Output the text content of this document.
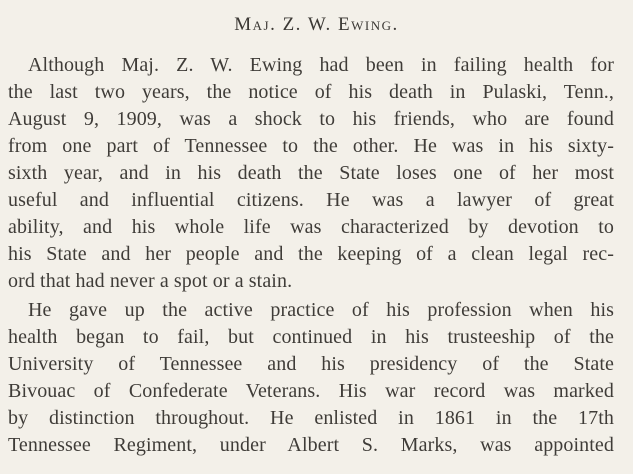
Maj. Z. W. Ewing.
Although Maj. Z. W. Ewing had been in failing health for
the last two years, the notice of his death in Pulaski, Tenn.,
August 9, 1909, was a shock to his friends, who are found
from one part of Tennessee to the other. He was in his sixty-
sixth year, and in his death the State loses one of her most
useful and influential citizens. He was a lawyer of great
ability, and his whole life was characterized by devotion to
his State and her people and the keeping of a clean legal rec-
ord that had never a spot or a stain.
He gave up the active practice of his profession when his
health began to fail, but continued in his trusteeship of the
University of Tennessee and his presidency of the State
Bivouac of Confederate Veterans. His war record was marked
by distinction throughout. He enlisted in 1861 in the 17th
Tennessee Regiment, under Albert S. Marks, was appointed
